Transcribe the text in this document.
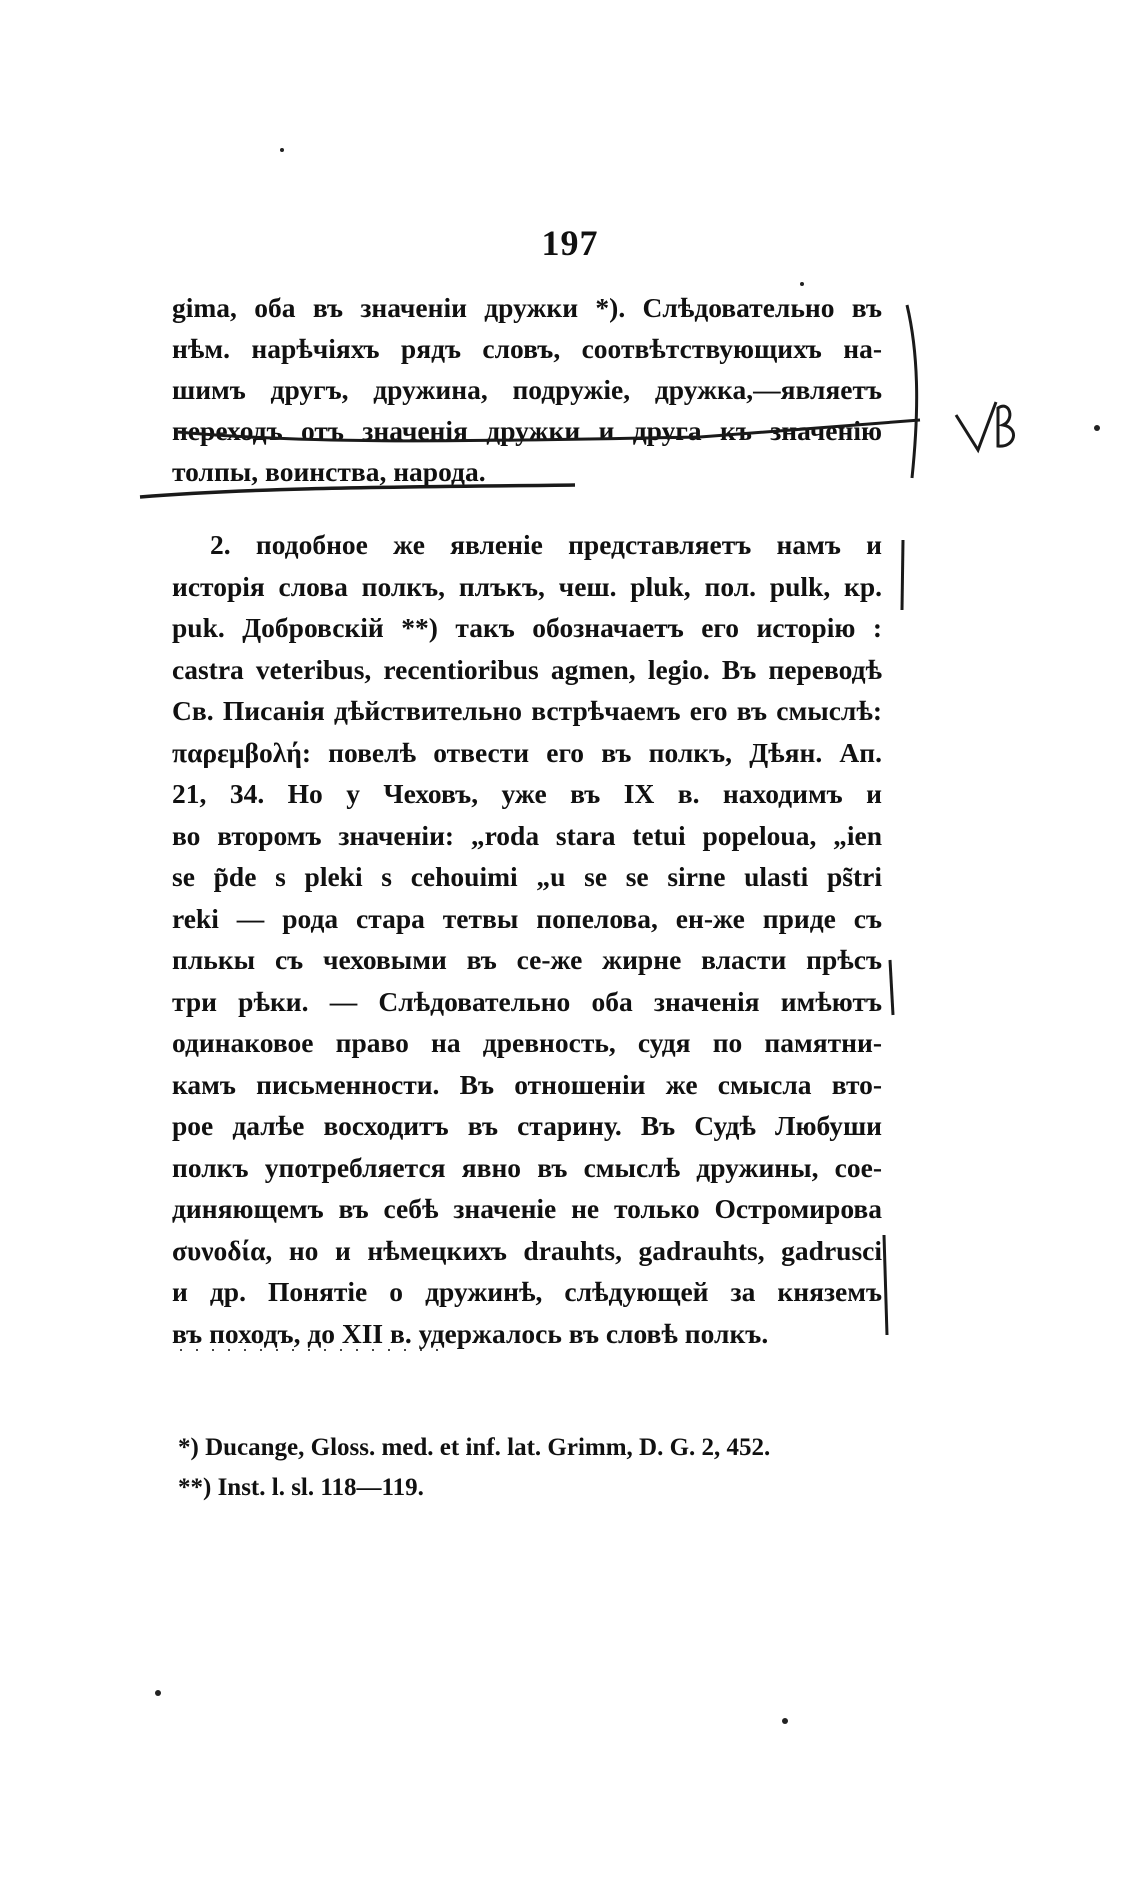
197
gima, оба въ значеніи дружки *). Слѣдовательно въ
нѣм. нарѣчіяхъ рядъ словъ, соотвѣтствующихъ на-
шимъ другъ, дружина, подружіе, дружка,—являетъ
переходъ отъ значенія дружки и друга къ значенію
толпы, воинства, народа.
2. подобное же явленіе представляетъ намъ и
исторія слова полкъ, плъкъ, чеш. pluk, пол. pulk, кр.
puk. Добровскій **) такъ обозначаетъ его исторію :
castra veteribus, recentioribus agmen, legio. Въ переводѣ
Св. Писанія дѣйствительно встрѣчаемъ его въ смыслѣ:
παρεμβολή: повелѣ отвести его въ полкъ, Дѣян. Ап.
21, 34. Но у Чеховъ, уже въ IX в. находимъ и
во второмъ значеніи: „roda stara tetui popeloua, „ien
se p̃de s pleki s cehouimi „u se se sirne ulasti ps̃tri
reki — рода стара тетвы попелова, ен-же приде съ
плькы съ чеховыми въ се-же жирне власти прѣсъ
три рѣки. — Слѣдовательно оба значенія имѣютъ
одинаковое право на древность, судя по памятни-
камъ письменности. Въ отношеніи же смысла вто-
рое далѣе восходитъ въ старину. Въ Судѣ Любуши
полкъ употребляется явно въ смыслѣ дружины, сое-
диняющемъ въ себѣ значеніе не только Остромирова
συνοδία, но и нѣмецкихъ drauhts, gadrauhts, gadrusci
и др. Понятіе о дружинѣ, слѣдующей за княземъ
въ походъ, до XII в. удержалось въ словѣ полкъ.
*) Ducange, Gloss. med. et inf. lat. Grimm, D. G. 2, 452.
**) Inst. l. sl. 118—119.
